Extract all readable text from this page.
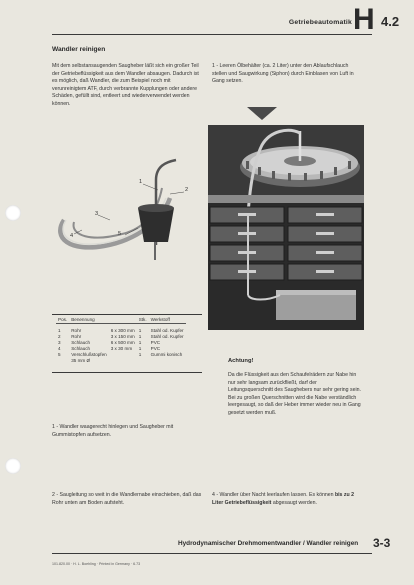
Getriebeautomatik H 4.2
Wandler reinigen
Mit dem selbstansaugenden Saugheber läßt sich ein großer Teil der Getriebeflüssigkeit aus dem Wandler absaugen. Dadurch ist es möglich, daß Wandler, die zum Beispiel noch mit verunreinigtem ATF, durch verbrannte Kupplungen oder andere Schäden, gefüllt sind, entleert und wiederverwendet werden können.
1 - Leeren Ölbehälter (ca. 2 Liter) unter den Ablaufschlauch stellen und Saugwirkung (Siphon) durch Einblasen von Luft in Gang setzen.
1
2
3
4	5
Pos.	Benennung		Stk.	Werkstoff

1	Rohr	6 x 300 mm	1	Stahl od. Kupfer
2	Rohr	3 x 150 mm	1	Stahl od. Kupfer
3	Schlauch	6 x 500 mm	1	PVC
4	Schlauch	3 x 30 mm	1	PVC
5	Verschlußstopfen		1	Gummi konisch
	35 mm Ø				Achtung!
Da die Flüssigkeit aus den Schaufelrädern zur Nabe hin nur sehr langsam zurückfließt, darf der Leitungsquerschnitt des Saughebers nur sehr gering sein. Bei zu großen Querschnitten wird die Nabe verständlich leergesaugt, so daß der Heber immer wieder neu in Gang gesetzt werden muß.
1 - Wandler waagerecht hinlegen und Saugheber mit Gummistopfen aufsetzen.
2 - Saugleitung so weit in die Wandlernabe einschieben, daß das Rohr unten am Boden aufsteht.
4 - Wandler über Nacht leerlaufen lassen. Es können bis zu 2 Liter Getriebeflüssigkeit abgesaugt werden.
Hydrodynamischer Drehmomentwandler / Wandler reinigen 3-3
101.820.00 · H. L. Boehling · Printed in Germany · 6.73
